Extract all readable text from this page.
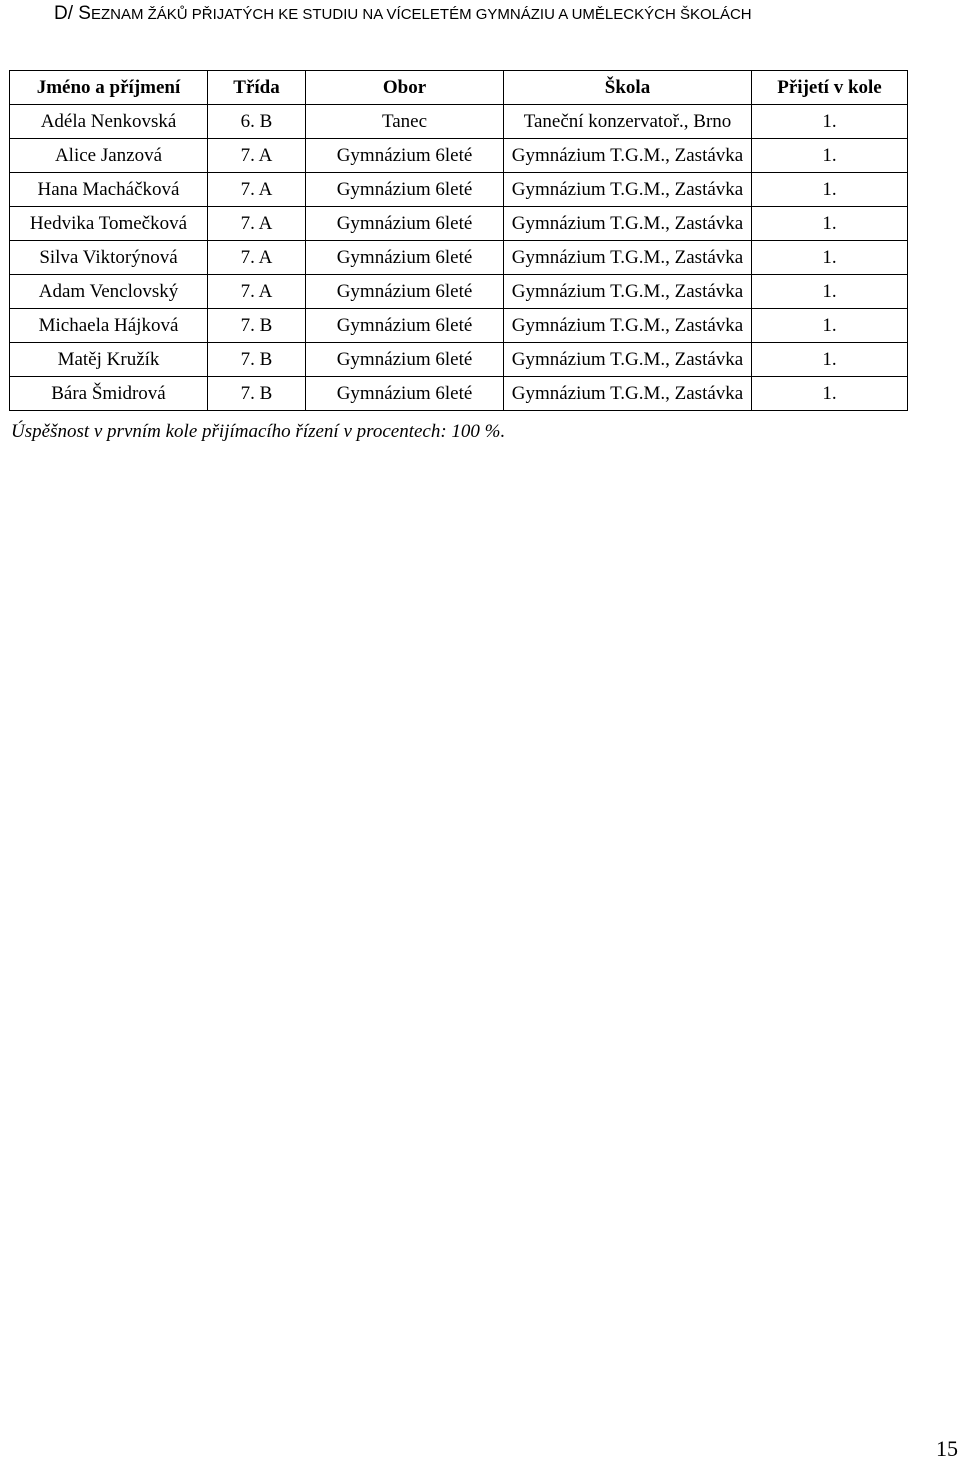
D/ SEZNAM ŽÁKŮ PŘIJATÝCH KE STUDIU NA VÍCELETÉM GYMNÁZIU A UMĚLECKÝCH ŠKOLÁCH
Jméno a příjmení	Třída	Obor	Škola	Přijetí v kole
Adéla Nenkovská	6. B	Tanec	Taneční konzervatoř., Brno	1.
Alice Janzová	7. A	Gymnázium 6leté	Gymnázium T.G.M., Zastávka	1.
Hana Macháčková	7. A	Gymnázium 6leté	Gymnázium T.G.M., Zastávka	1.
Hedvika Tomečková	7. A	Gymnázium 6leté	Gymnázium T.G.M., Zastávka	1.
Silva Viktorýnová	7. A	Gymnázium 6leté	Gymnázium T.G.M., Zastávka	1.
Adam Venclovský	7. A	Gymnázium 6leté	Gymnázium T.G.M., Zastávka	1.
Michaela Hájková	7. B	Gymnázium 6leté	Gymnázium T.G.M., Zastávka	1.
Matěj Kružík	7. B	Gymnázium 6leté	Gymnázium T.G.M., Zastávka	1.
Bára Šmidrová	7. B	Gymnázium 6leté	Gymnázium T.G.M., Zastávka	1.
Úspěšnost v prvním kole přijímacího řízení v procentech: 100 %.
15
